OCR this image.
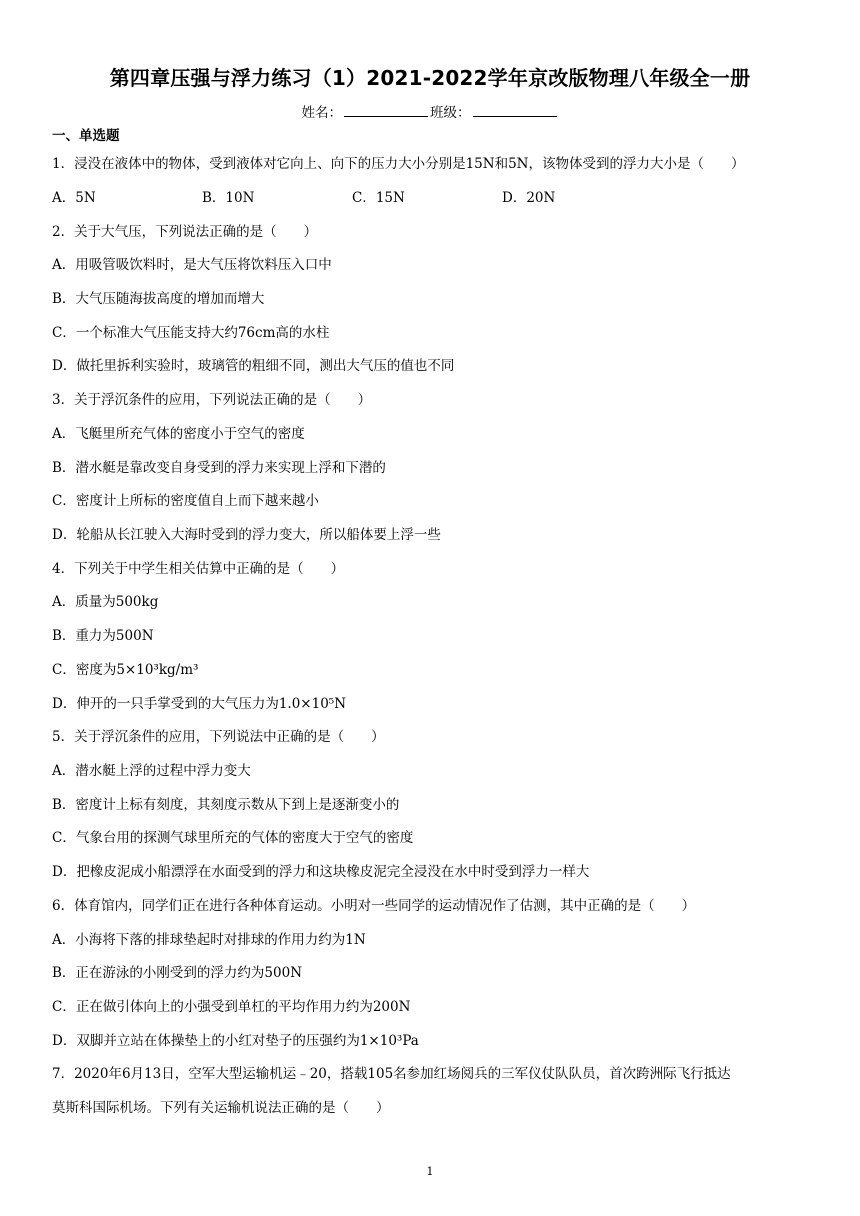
第四章压强与浮力练习（1）2021-2022学年京改版物理八年级全一册
姓名：	班级：
一、单选题
1．浸没在液体中的物体，受到液体对它向上、向下的压力大小分别是15N和5N，该物体受到的浮力大小是（　　）
A．5N	B．10N	C．15N	D．20N
2．关于大气压，下列说法正确的是（　　）
A．用吸管吸饮料时，是大气压将饮料压入口中
B．大气压随海拔高度的增加而增大
C．一个标准大气压能支持大约76cm高的水柱
D．做托里拆利实验时，玻璃管的粗细不同，测出大气压的值也不同
3．关于浮沉条件的应用，下列说法正确的是（　　）
A．飞艇里所充气体的密度小于空气的密度
B．潜水艇是靠改变自身受到的浮力来实现上浮和下潜的
C．密度计上所标的密度值自上而下越来越小
D．轮船从长江驶入大海时受到的浮力变大，所以船体要上浮一些
4．下列关于中学生相关估算中正确的是（　　）
A．质量为500kg
B．重力为500N
C．密度为5×10³kg/m³
D．伸开的一只手掌受到的大气压力为1.0×10⁵N
5．关于浮沉条件的应用，下列说法中正确的是（　　）
A．潜水艇上浮的过程中浮力变大
B．密度计上标有刻度，其刻度示数从下到上是逐渐变小的
C．气象台用的探测气球里所充的气体的密度大于空气的密度
D．把橡皮泥成小船漂浮在水面受到的浮力和这块橡皮泥完全浸没在水中时受到浮力一样大
6．体育馆内，同学们正在进行各种体育运动。小明对一些同学的运动情况作了估测，其中正确的是（　　）
A．小海将下落的排球垫起时对排球的作用力约为1N
B．正在游泳的小刚受到的浮力约为500N
C．正在做引体向上的小强受到单杠的平均作用力约为200N
D．双脚并立站在体操垫上的小红对垫子的压强约为1×10³Pa
7．2020年6月13日，空军大型运输机运﹣20，搭载105名参加红场阅兵的三军仪仗队队员，首次跨洲际飞行抵达
莫斯科国际机场。下列有关运输机说法正确的是（　　）
1
